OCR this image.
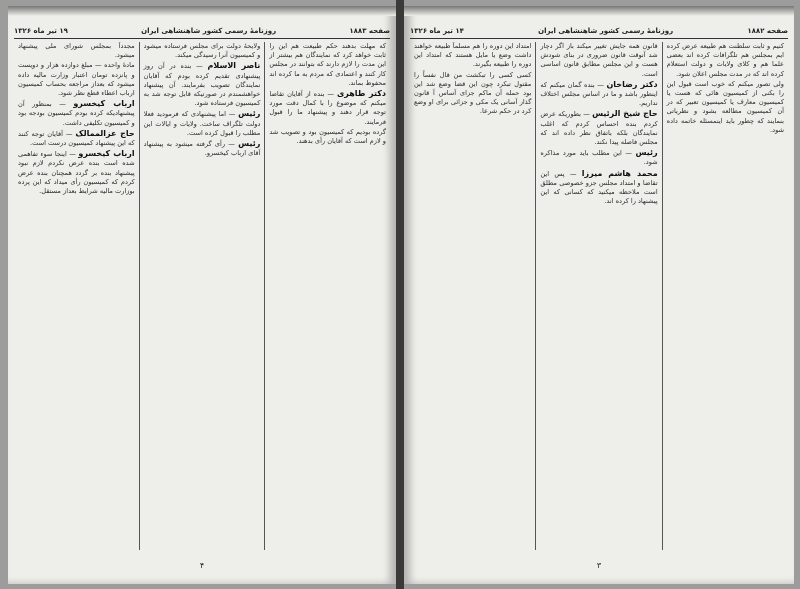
صفحه ۱۸۸۳
روزنامهٔ رسمی کشور شاهنشاهی ایران
۱۹ تیر ماه ۱۳۲۶

که مهلت بدهند حکم طبیعت هم این را ثابت خواهد کرد که نمایندگان هم بیشتر از این مدت را لازم دارند که بتوانند در مجلس کار کنند و اعتمادی که مردم به ما کرده اند محفوظ بماند.

دکتر طاهری — بنده از آقایان تقاضا میکنم که موضوع را با کمال دقت مورد توجه قرار دهند و پیشنهاد ما را قبول فرمایند.

گرده بودیم که کمیسیون بود و تصویب شد و لازم است که آقایان رأی بدهند.

ولایحهٔ دولت برای مجلس فرستاده میشود و کمیسیون آنرا رسیدگی میکند.

ناصر الاسلام — بنده در آن روز پیشنهادی تقدیم کرده بودم که آقایان نمایندگان تصویب بفرمایند. آن پیشنهاد خواهشمندم در صورتیکه قابل توجه شد به کمیسیون فرستاده شود.

رئیس — اما پیشنهادی که فرمودید فعلا دولت تلگراف ساخت. ولایات و ایالات این مطلب را قبول کرده است.

رئیس — رأی گرفته میشود به پیشنهاد آقای ارباب کیخسرو.

مجدداً بمجلس شورای ملی پیشنهاد میشود.

مادهٔ واحده — مبلغ دوازده هزار و دویست و پانزده تومان اعتبار وزارت مالیه داده میشود که بعداز مراجعه بحساب کمیسیون ارباب اعطاء قطع نظر شود.

ارباب کیخسرو — بمنظور آن پیشنهادیکه کرده بودم کمیسیون بودجه بود و کمیسیون تکلیفی داشت.

حاج عزالممالک — آقایان توجه کنند که این پیشنهاد کمیسیون درست است.

ارباب کیخسرو — اینجا سوء تفاهمی شده است بنده عرض نکردم لازم نبود پیشنهاد بنده بر گردد همچنان بنده عرض کردم که کمیسیون رأی میداد که این پرده بوزارت مالیه شرایط بعداز مستقل.

۴
صفحه ۱۸۸۲
روزنامهٔ رسمی کشور شاهنشاهی ایران
۱۴ تیر ماه ۱۳۲۶

کنیم و ثابت سلطنت هم طبیعه عرض کرده ایم بمجلس هم تلگرافات کرده اند بعضی علما هم و کلای ولایات و دولت استعلام کرده اند که در مدت مجلس اعلان شود.

ولی تصور میکنم که خوب است قبول این را بکنی از کمیسیون هائی که هست یا کمیسیون معارف یا کمیسیون تعبیر که در آن کمیسیون مطالعه بشود و نظریاتی بنمایند که چطور باید اینمسئله خاتمه داده شود.

قانون همه جایش تغییر میکند باز اگر دچار شد آنوقت قانون ضروری در بنای شودش هست و این مجلس مطابق قانون اساسی است.

دکتر رضاخان — بنده گمان میکنم که اینطور باشد و ما در اساس مجلس اختلاف نداریم.

حاج شیخ الرئیس — بطوریکه عرض کردم بنده احساس کردم که اغلب نمایندگان بلکه باتفاق نظر داده اند که مجلس فاصله پیدا نکند.

رئیس — این مطلب باید مورد مذاکره شود.

محمد هاشم میرزا — پس این تقاضا و امتداد مجلس جزو خصوصی مطلق است ملاحظه میکنید که کسانی که این پیشنهاد را کرده اند.

امتداد این دوره را هم مسلماً طبیعه خواهند داشت وضع یا مایل هستند که امتداد این دوره را طبیعه بگیرند.

کسی کسی را تبکشت من قال نفساً را مقتول تبکرد چون این قضا وضع شد این بود حمله آن ماکم جزای آساس آ قانون گذار آسانی یک مکی و جزائی برای او وضع کرد در حکم شرعا.

۳
